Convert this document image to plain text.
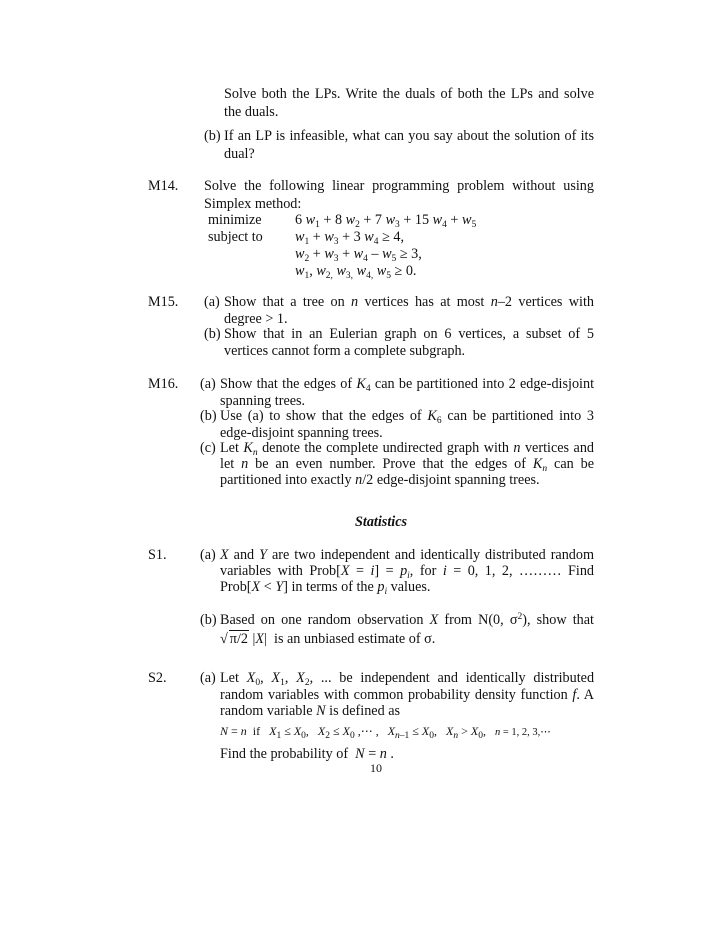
Solve both the LPs. Write the duals of both the LPs and solve
the duals.
(b) If an LP is infeasible, what can you say about the solution of its
dual?
M14. Solve the following linear programming problem without using
Simplex method:
minimize 6 $w_1 + 8$ $w_2 + 7$ $w_3 + 15$ $w_4 + w_5$
subject to $w_1 + w_3 + 3$ $w_4 \ge 4$,
$w_2 + w_3 + w_4 - w_5 \ge 3$,
$w_1$, $w_{2,}$ $w_{3,}$ $w_{4,}$ $w_5 \ge 0$.
M15. (a) Show that a tree on n vertices has at most n–2 vertices with
degree > 1.
(b) Show that in an Eulerian graph on 6 vertices, a subset of 5
vertices cannot form a complete subgraph.
M16. (a) Show that the edges of $K_4$ can be partitioned into 2 edge-disjoint
spanning trees.
(b) Use (a) to show that the edges of $K_6$ can be partitioned into 3
edge-disjoint spanning trees.
(c) Let $K_n$ denote the complete undirected graph with n vertices and
let n be an even number. Prove that the edges of $K_n$ can be
partitioned into exactly n/2 edge-disjoint spanning trees.
Statistics
S1. (a) X and Y are two independent and identically distributed random
variables with Prob[X = $i] = p_i$, for i = 0, 1, 2, ……… Find
Prob[X < Y] in terms of the $p_i$ values.
(b) Based on one random observation X from N(0, $\sigma^2$), show that
√ π/2 |X|  is an unbiased estimate of σ.
S2. (a) Let $X_0$, $X_1$, $X_2$, ... be independent and identically distributed
random variables with common probability density function f. A
random variable N is defined as
N = n if $X_1 \le X_0$,   $X_2 \le X_0$ ,⋯ ,   $X_{n-1} \le X_0$,   $X_n > X_0$,   n = 1, 2, 3,⋯
Find the probability of N = n .
10
